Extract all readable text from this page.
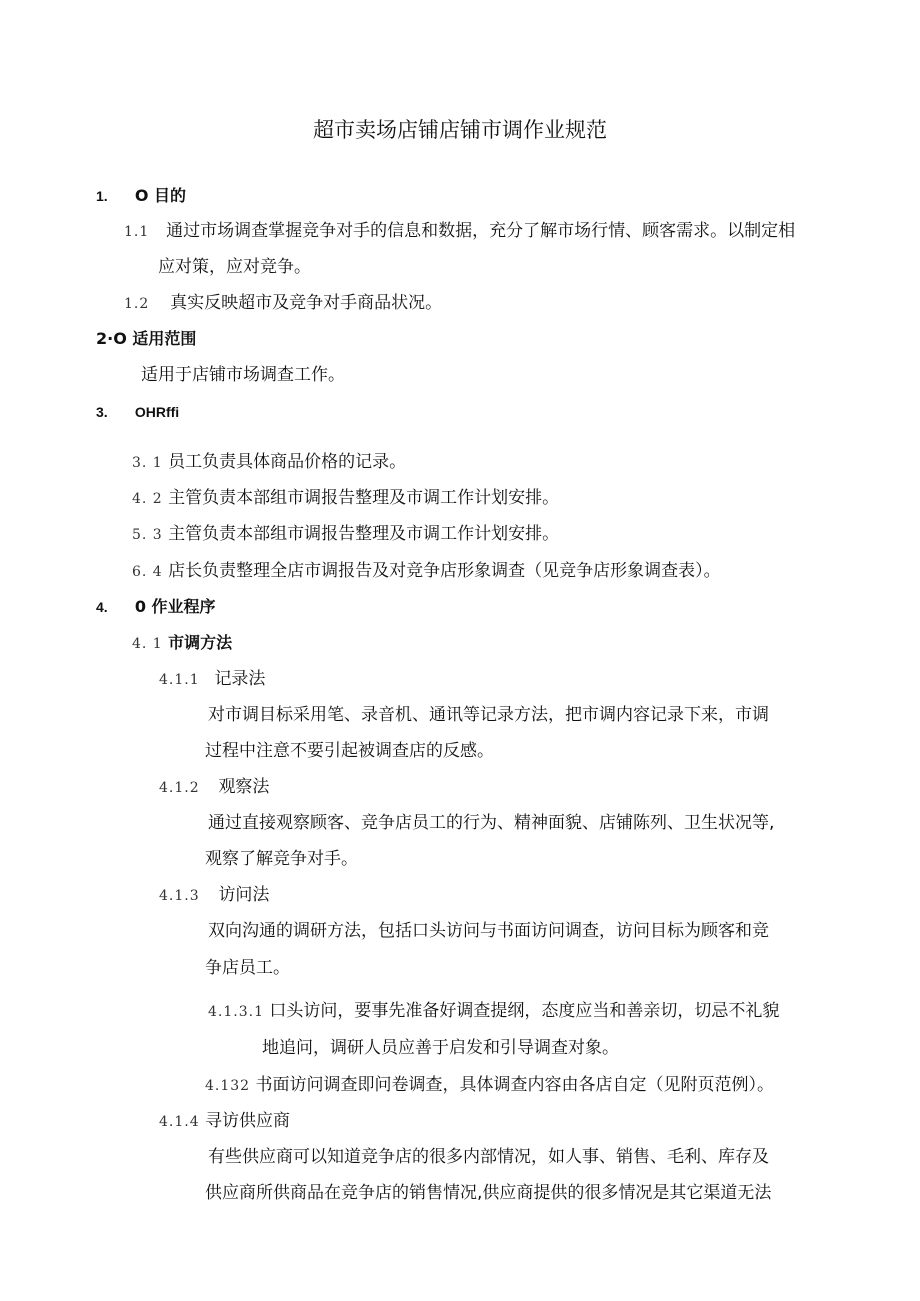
超市卖场店铺店铺市调作业规范
1. O 目的
1.1 通过市场调查掌握竞争对手的信息和数据，充分了解市场行情、顾客需求。以制定相
应对策，应对竞争。
1.2 真实反映超市及竞争对手商品状况。
2·O 适用范围
适用于店铺市场调查工作。
3. OHRffi
3. 1 员工负责具体商品价格的记录。
4. 2 主管负责本部组市调报告整理及市调工作计划安排。
5. 3 主管负责本部组市调报告整理及市调工作计划安排。
6. 4 店长负责整理全店市调报告及对竞争店形象调查（见竞争店形象调查表）。
4. 0 作业程序
4. 1 市调方法
4.1.1 记录法
对市调目标采用笔、录音机、通讯等记录方法，把市调内容记录下来，市调
过程中注意不要引起被调查店的反感。
4.1.2 观察法
通过直接观察顾客、竞争店员工的行为、精神面貌、店铺陈列、卫生状况等,
观察了解竞争对手。
4.1.3 访问法
双向沟通的调研方法，包括口头访问与书面访问调查，访问目标为顾客和竞
争店员工。
4.1.3.1 口头访问，要事先准备好调查提纲，态度应当和善亲切，切忌不礼貌
地追问，调研人员应善于启发和引导调查对象。
4.132 书面访问调查即问卷调查，具体调查内容由各店自定（见附页范例）。
4.1.4 寻访供应商
有些供应商可以知道竞争店的很多内部情况，如人事、销售、毛利、库存及
供应商所供商品在竞争店的销售情况,供应商提供的很多情况是其它渠道无法
